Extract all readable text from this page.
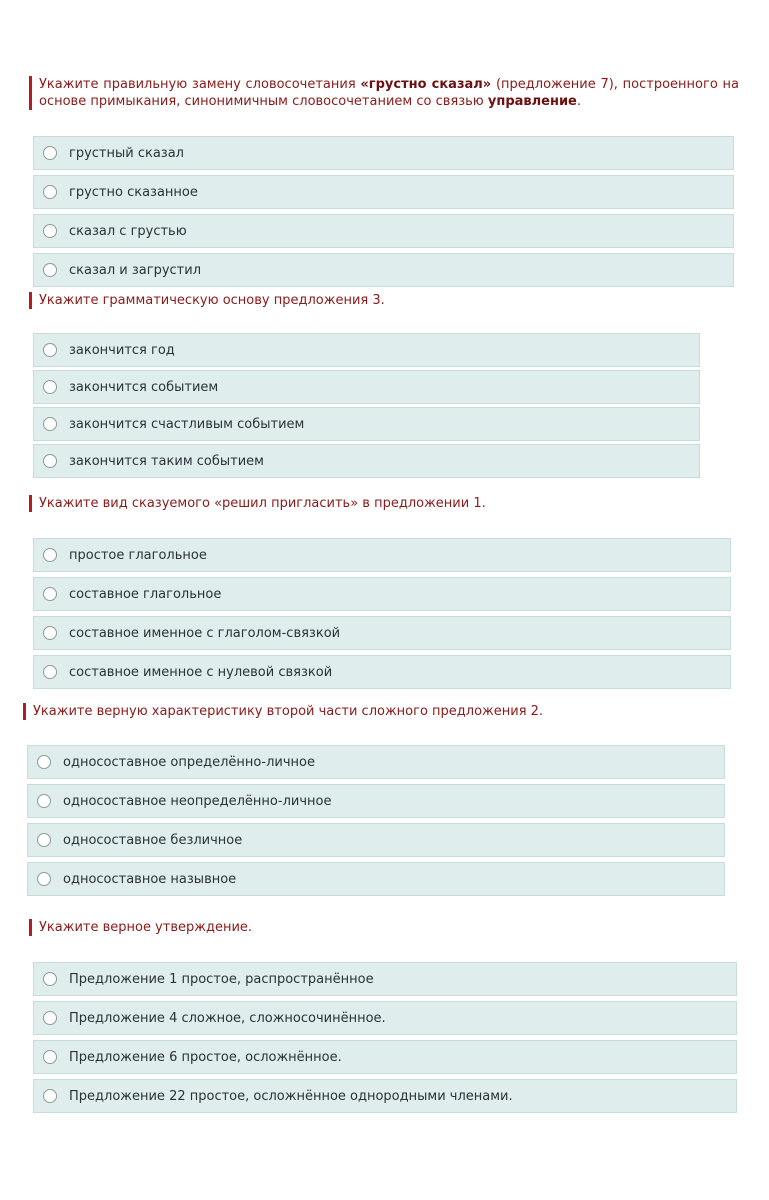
Укажите правильную замену словосочетания «грустно сказал» (предложение 7), построенного на основе примыкания, синонимичным словосочетанием со связью управление.
грустный сказал
грустно сказанное
сказал с грустью
сказал и загрустил
Укажите грамматическую основу предложения 3.
закончится год
закончится событием
закончится счастливым событием
закончится таким событием
Укажите вид сказуемого «решил пригласить» в предложении 1.
простое глагольное
составное глагольное
составное именное с глаголом-связкой
составное именное с нулевой связкой
Укажите верную характеристику второй части сложного предложения 2.
односоставное определённо-личное
односоставное неопределённо-личное
односоставное безличное
односоставное назывное
Укажите верное утверждение.
Предложение 1 простое, распространённое
Предложение 4 сложное, сложносочинённое.
Предложение 6 простое, осложнённое.
Предложение 22 простое, осложнённое однородными членами.
